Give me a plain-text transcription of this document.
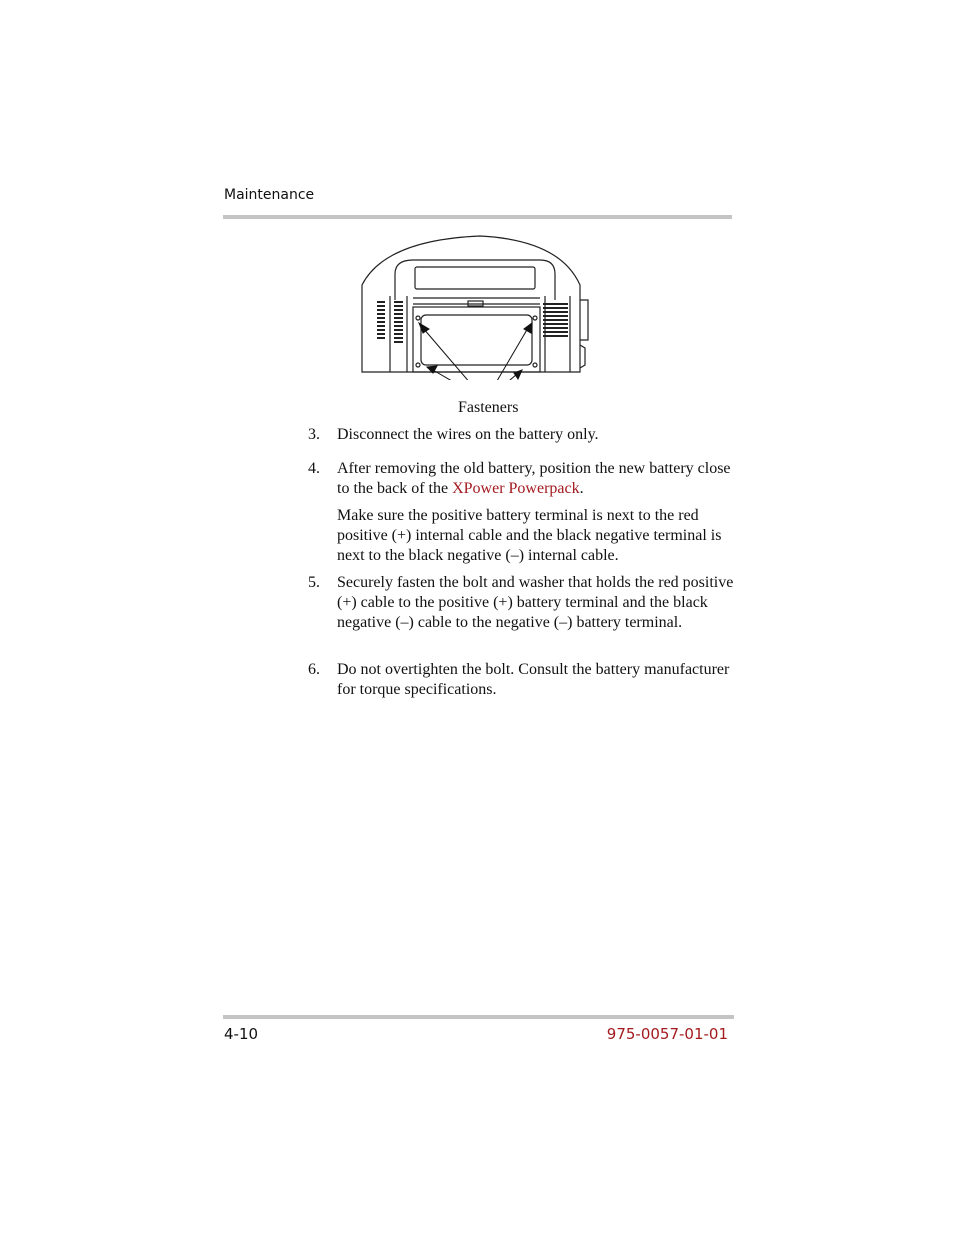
Maintenance
Fasteners
3. Disconnect the wires on the battery only.
4. After removing the old battery, position the new battery close to the back of the XPower Powerpack.
Make sure the positive battery terminal is next to the red positive (+) internal cable and the black negative terminal is next to the black negative (–) internal cable.
5. Securely fasten the bolt and washer that holds the red positive (+) cable to the positive (+) battery terminal and the black negative (–) cable to the negative (–) battery terminal.
6. Do not overtighten the bolt. Consult the battery manufacturer for torque specifications.
4-10	975-0057-01-01
